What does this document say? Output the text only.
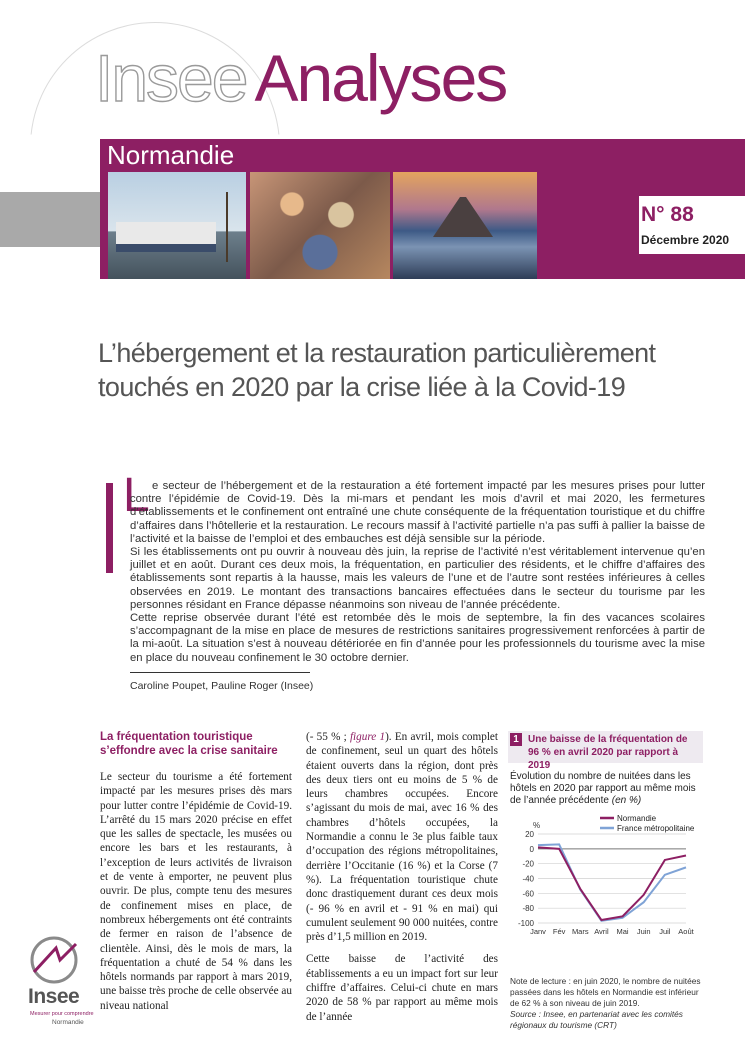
Insee Analyses
Normandie
N° 88
Décembre 2020
L’hébergement et la restauration particulièrement touchés en 2020 par la crise liée à la Covid-19
L e secteur de l’hébergement et de la restauration a été fortement impacté par les mesures prises pour lutter contre l’épidémie de Covid-19. Dès la mi-mars et pendant les mois d’avril et mai 2020, les fermetures d’établissements et le confinement ont entraîné une chute conséquente de la fréquentation touristique et du chiffre d’affaires dans l’hôtellerie et la restauration. Le recours massif à l’activité partielle n’a pas suffi à pallier la baisse de l’activité et la baisse de l’emploi et des embauches est déjà sensible sur la période.

Si les établissements ont pu ouvrir à nouveau dès juin, la reprise de l’activité n’est véritablement intervenue qu’en juillet et en août. Durant ces deux mois, la fréquentation, en particulier des résidents, et le chiffre d’affaires des établissements sont repartis à la hausse, mais les valeurs de l’une et de l’autre sont restées inférieures à celles observées en 2019. Le montant des transactions bancaires effectuées dans le secteur du tourisme par les personnes résidant en France dépasse néanmoins son niveau de l’année précédente.

Cette reprise observée durant l’été est retombée dès le mois de septembre, la fin des vacances scolaires s’accompagnant de la mise en place de mesures de restrictions sanitaires progressivement renforcées à partir de la mi-août. La situation s’est à nouveau détériorée en fin d’année pour les professionnels du tourisme avec la mise en place du nouveau confinement le 30 octobre dernier.

Caroline Poupet, Pauline Roger (Insee)
La fréquentation touristique s’effondre avec la crise sanitaire
Le secteur du tourisme a été fortement impacté par les mesures prises dès mars pour lutter contre l’épidémie de Covid-19. L’arrêté du 15 mars 2020 précise en effet que les salles de spectacle, les musées ou encore les bars et les restaurants, à l’exception de leurs activités de livraison et de vente à emporter, ne peuvent plus ouvrir. De plus, compte tenu des mesures de confinement mises en place, de nombreux hébergements ont été contraints de fermer en raison de l’absence de clientèle. Ainsi, dès le mois de mars, la fréquentation a chuté de 54 % dans les hôtels normands par rapport à mars 2019, une baisse très proche de celle observée au niveau national

(- 55 % ; figure 1). En avril, mois complet de confinement, seul un quart des hôtels étaient ouverts dans la région, dont près des deux tiers ont eu moins de 5 % de leurs chambres occupées. Encore s’agissant du mois de mai, avec 16 % des chambres d’hôtels occupées, la Normandie a connu le 3e plus faible taux d’occupation des régions métropolitaines, derrière l’Occitanie (16 %) et la Corse (7 %). La fréquentation touristique chute donc drastiquement durant ces deux mois (- 96 % en avril et - 91 % en mai) qui cumulent seulement 90 000 nuitées, contre près d’1,5 million en 2019.

Cette baisse de l’activité des établissements a eu un impact fort sur leur chiffre d’affaires. Celui-ci chute en mars 2020 de 58 % par rapport au même mois de l’année

1 Une baisse de la fréquentation de 96 % en avril 2020 par rapport à 2019
Évolution du nombre de nuitées dans les hôtels en 2020 par rapport au même mois de l’année précédente (en %)
%
20
0
-20
-40
-60
-80
-100
Janv Fév Mars Avril Mai Juin Juil Août
Normandie
France métropolitaine
Note de lecture : en juin 2020, le nombre de nuitées passées dans les hôtels en Normandie est inférieur de 62 % à son niveau de juin 2019.
Source : Insee, en partenariat avec les comités régionaux du tourisme (CRT)
Insee
Mesurer pour comprendre
Normandie
